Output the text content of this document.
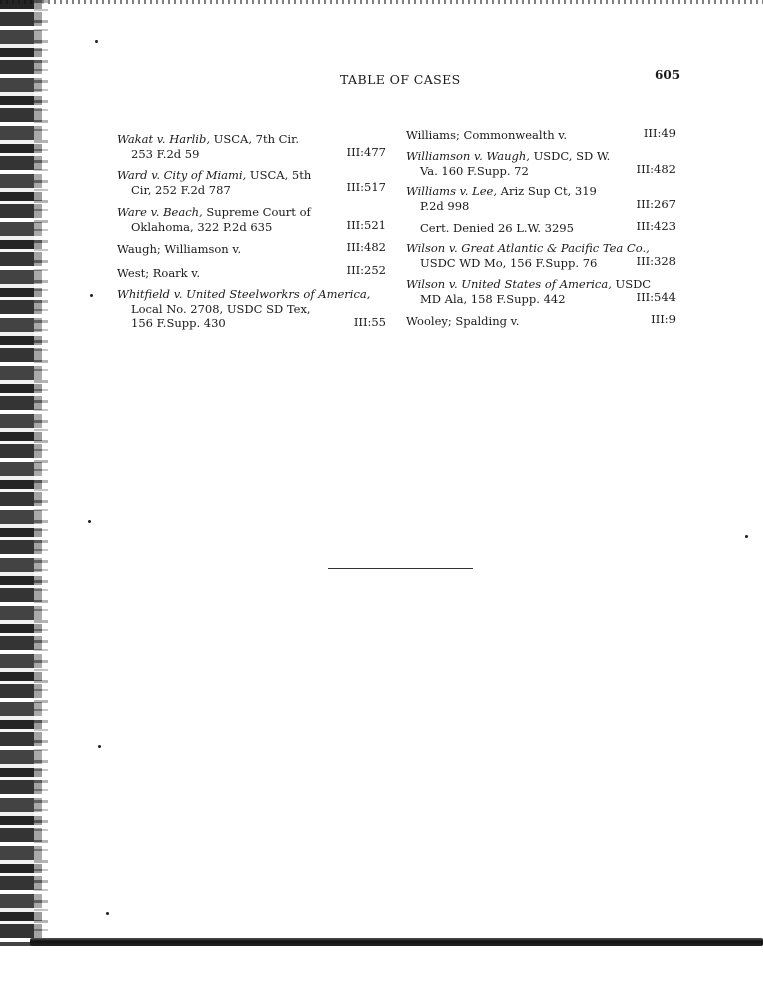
TABLE OF CASES	605
Wakat v. Harlib, USCA, 7th Cir.
253 F.2d 59	III:477
Ward v. City of Miami, USCA, 5th
Cir, 252 F.2d 787	III:517
Ware v. Beach, Supreme Court of
Oklahoma, 322 P.2d 635	III:521
Waugh; Williamson v.	III:482
West; Roark v.	III:252
Whitfield v. United Steelworkrs of America,
Local No. 2708, USDC SD Tex,
156 F.Supp. 430	III:55
Williams; Commonwealth v.	III:49
Williamson v. Waugh, USDC, SD W.
Va. 160 F.Supp. 72	III:482
Williams v. Lee, Ariz Sup Ct, 319
P.2d 998	III:267
Cert. Denied 26 L.W. 3295	III:423
Wilson v. Great Atlantic & Pacific Tea Co.,
USDC WD Mo, 156 F.Supp. 76	III:328
Wilson v. United States of America, USDC
MD Ala, 158 F.Supp. 442	III:544
Wooley; Spalding v.	III:9
